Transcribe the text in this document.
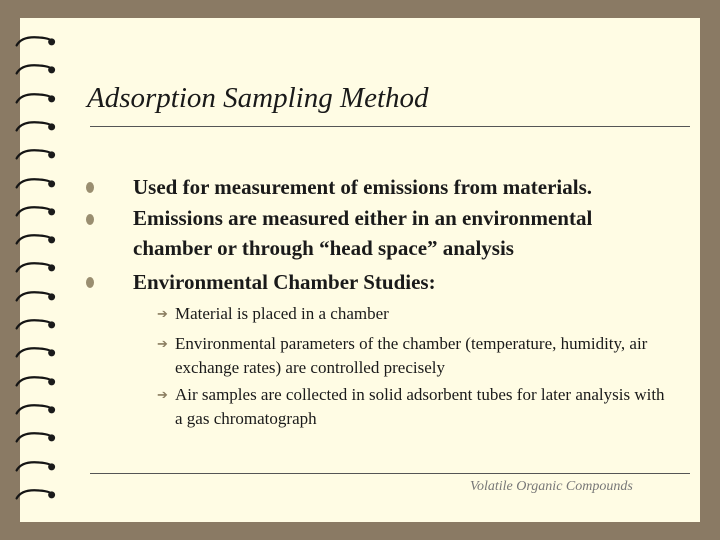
Adsorption Sampling Method
Used for measurement of emissions from materials.
Emissions are measured either in an environmental chamber or through “head space” analysis
Environmental Chamber Studies:
➔ Material is placed in a chamber
➔ Environmental parameters of the chamber (temperature, humidity, air exchange rates) are controlled precisely
➔ Air samples are collected in solid adsorbent tubes for later analysis with a gas chromatograph
Volatile Organic Compounds
